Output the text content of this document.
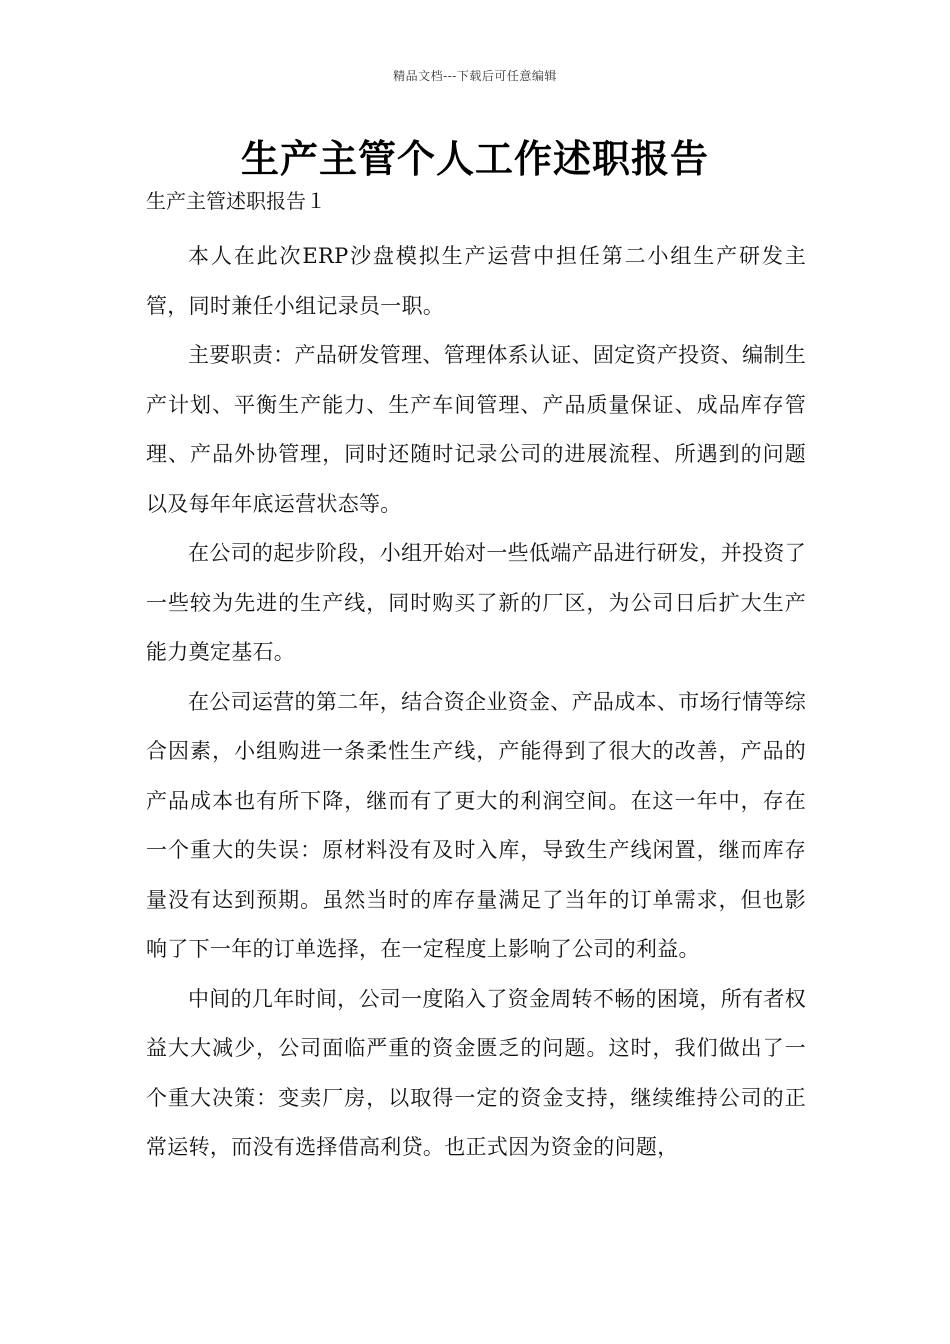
精品文档---下载后可任意编辑
生产主管个人工作述职报告
生产主管述职报告１

本人在此次ERP沙盘模拟生产运营中担任第二小组生产研发主管，同时兼任小组记录员一职。

主要职责：产品研发管理、管理体系认证、固定资产投资、编制生产计划、平衡生产能力、生产车间管理、产品质量保证、成品库存管理、产品外协管理，同时还随时记录公司的进展流程、所遇到的问题以及每年年底运营状态等。

在公司的起步阶段，小组开始对一些低端产品进行研发，并投资了一些较为先进的生产线，同时购买了新的厂区，为公司日后扩大生产能力奠定基石。

在公司运营的第二年，结合资企业资金、产品成本、市场行情等综合因素，小组购进一条柔性生产线，产能得到了很大的改善，产品的产品成本也有所下降，继而有了更大的利润空间。在这一年中，存在一个重大的失误：原材料没有及时入库，导致生产线闲置，继而库存量没有达到预期。虽然当时的库存量满足了当年的订单需求，但也影响了下一年的订单选择，在一定程度上影响了公司的利益。

中间的几年时间，公司一度陷入了资金周转不畅的困境，所有者权益大大减少，公司面临严重的资金匮乏的问题。这时，我们做出了一个重大决策：变卖厂房，以取得一定的资金支持，继续维持公司的正常运转，而没有选择借高利贷。也正式因为资金的问题，
